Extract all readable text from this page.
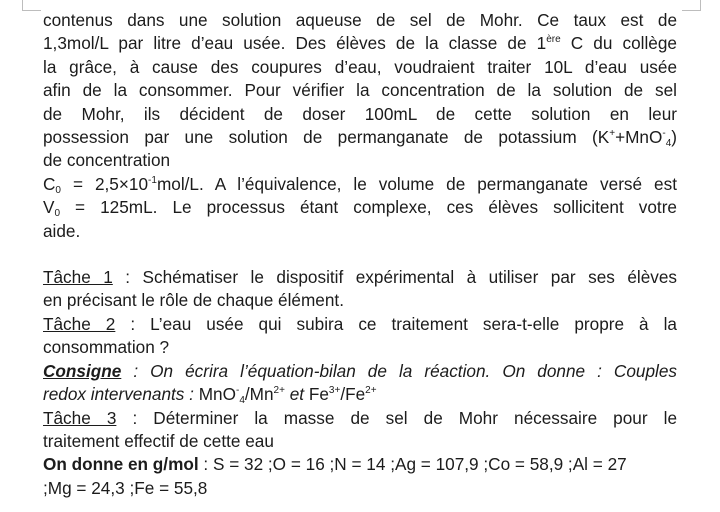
contenus dans une solution aqueuse de sel de Mohr. Ce taux est de
1,3mol/L par litre d’eau usée. Des élèves de la classe de 1ère C du collège
la grâce, à cause des coupures d’eau, voudraient traiter 10L d’eau usée
afin de la consommer. Pour vérifier la concentration de la solution de sel
de Mohr, ils décident de doser 100mL de cette solution en leur
possession par une solution de permanganate de potassium (K++MnO-$_4$)
de concentration
$C_0 = 2,5\times 10^{-1}mol/L$. A l’équivalence, le volume de permanganate versé est
$V_0 = 125mL$. Le processus étant complexe, ces élèves sollicitent votre
aide.
Tâche 1 : Schématiser le dispositif expérimental à utiliser par ses élèves
en précisant le rôle de chaque élément.
Tâche 2 : L’eau usée qui subira ce traitement sera-t-elle propre à la
consommation ?
Consigne : On écrira l’équation-bilan de la réaction. On donne : Couples
redox intervenants : $MnO^-_4/Mn^{2+}$ et $Fe^{3+}/Fe^{2+}$
Tâche 3 : Déterminer la masse de sel de Mohr nécessaire pour le
traitement effectif de cette eau
On donne en g/mol : S = 32 ;O = 16 ;N = 14 ;Ag = 107,9 ;Co = 58,9 ;Al = 27
;Mg = 24,3 ;Fe = 55,8
